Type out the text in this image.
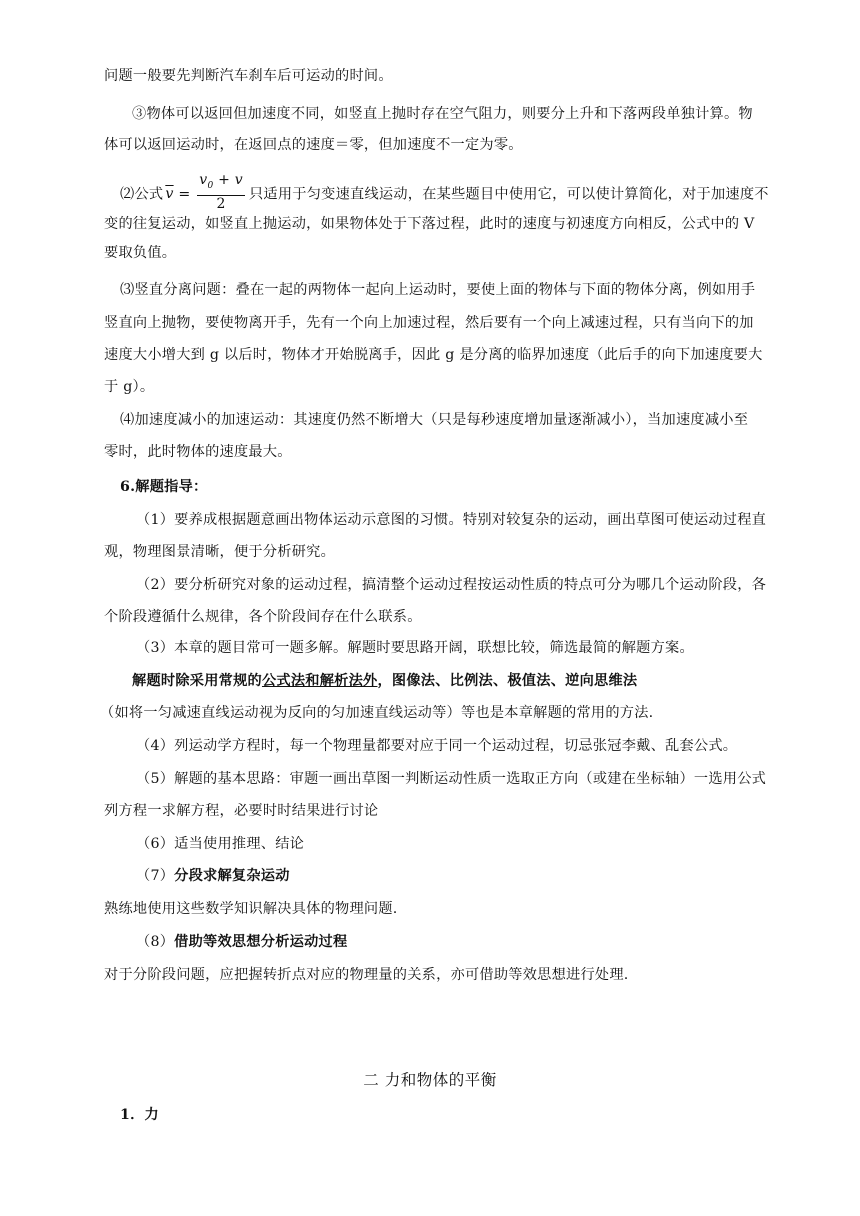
问题一般要先判断汽车刹车后可运动的时间。
③物体可以返回但加速度不同，如竖直上抛时存在空气阻力，则要分上升和下落两段单独计算。物
体可以返回运动时，在返回点的速度＝零，但加速度不一定为零。
⑵公式 $\overline{v} = \frac{v_0 + v}{2}$ 只适用于匀变速直线运动，在某些题目中使用它，可以使计算简化，对于加速度不
变的往复运动，如竖直上抛运动，如果物体处于下落过程，此时的速度与初速度方向相反，公式中的 V
要取负值。
⑶竖直分离问题：叠在一起的两物体一起向上运动时，要使上面的物体与下面的物体分离，例如用手
竖直向上抛物，要使物离开手，先有一个向上加速过程，然后要有一个向上减速过程，只有当向下的加
速度大小增大到 g 以后时，物体才开始脱离手，因此 g 是分离的临界加速度（此后手的向下加速度要大
于 g）。
⑷加速度减小的加速运动：其速度仍然不断增大（只是每秒速度增加量逐渐减小），当加速度减小至
零时，此时物体的速度最大。
6.解题指导：
（1）要养成根据题意画出物体运动示意图的习惯。特别对较复杂的运动，画出草图可使运动过程直
观，物理图景清晰，便于分析研究。
（2）要分析研究对象的运动过程，搞清整个运动过程按运动性质的特点可分为哪几个运动阶段，各
个阶段遵循什么规律，各个阶段间存在什么联系。
（3）本章的题目常可一题多解。解题时要思路开阔，联想比较，筛选最简的解题方案。
解题时除采用常规的公式法和解析法外，图像法、比例法、极值法、逆向思维法
（如将一匀减速直线运动视为反向的匀加速直线运动等）等也是本章解题的常用的方法.
（4）列运动学方程时，每一个物理量都要对应于同一个运动过程，切忌张冠李戴、乱套公式。
（5）解题的基本思路：审题一画出草图一判断运动性质一选取正方向（或建在坐标轴）一选用公式
列方程一求解方程，必要时时结果进行讨论
（6）适当使用推理、结论
（7）分段求解复杂运动
熟练地使用这些数学知识解决具体的物理问题.
（8）借助等效思想分析运动过程
对于分阶段问题，应把握转折点对应的物理量的关系，亦可借助等效思想进行处理.
二 力和物体的平衡
1．力
